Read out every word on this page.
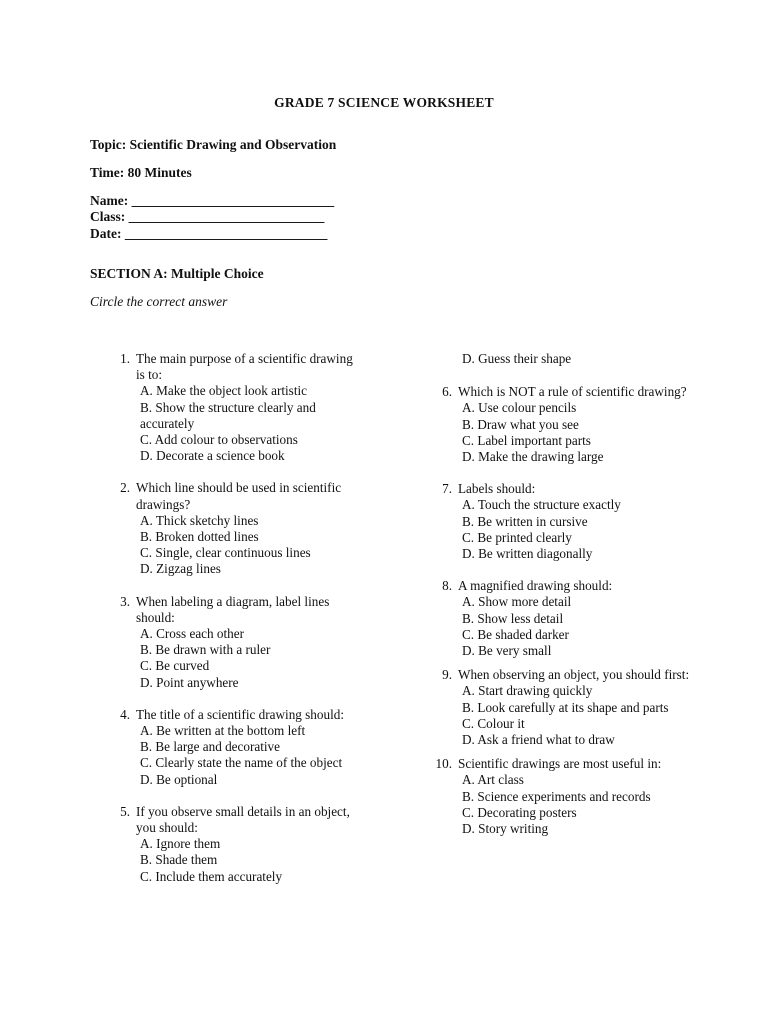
GRADE 7 SCIENCE WORKSHEET
Topic: Scientific Drawing and Observation
Time: 80 Minutes
Name: ______________________________
Class: _____________________________
Date: ______________________________
SECTION A: Multiple Choice
Circle the correct answer
1. The main purpose of a scientific drawing is to:
A. Make the object look artistic
B. Show the structure clearly and accurately
C. Add colour to observations
D. Decorate a science book
2. Which line should be used in scientific drawings?
A. Thick sketchy lines
B. Broken dotted lines
C. Single, clear continuous lines
D. Zigzag lines
3. When labeling a diagram, label lines should:
A. Cross each other
B. Be drawn with a ruler
C. Be curved
D. Point anywhere
4. The title of a scientific drawing should:
A. Be written at the bottom left
B. Be large and decorative
C. Clearly state the name of the object
D. Be optional
5. If you observe small details in an object, you should:
A. Ignore them
B. Shade them
C. Include them accurately
D. Guess their shape
6. Which is NOT a rule of scientific drawing?
A. Use colour pencils
B. Draw what you see
C. Label important parts
D. Make the drawing large
7. Labels should:
A. Touch the structure exactly
B. Be written in cursive
C. Be printed clearly
D. Be written diagonally
8. A magnified drawing should:
A. Show more detail
B. Show less detail
C. Be shaded darker
D. Be very small
9. When observing an object, you should first:
A. Start drawing quickly
B. Look carefully at its shape and parts
C. Colour it
D. Ask a friend what to draw
10. Scientific drawings are most useful in:
A. Art class
B. Science experiments and records
C. Decorating posters
D. Story writing
